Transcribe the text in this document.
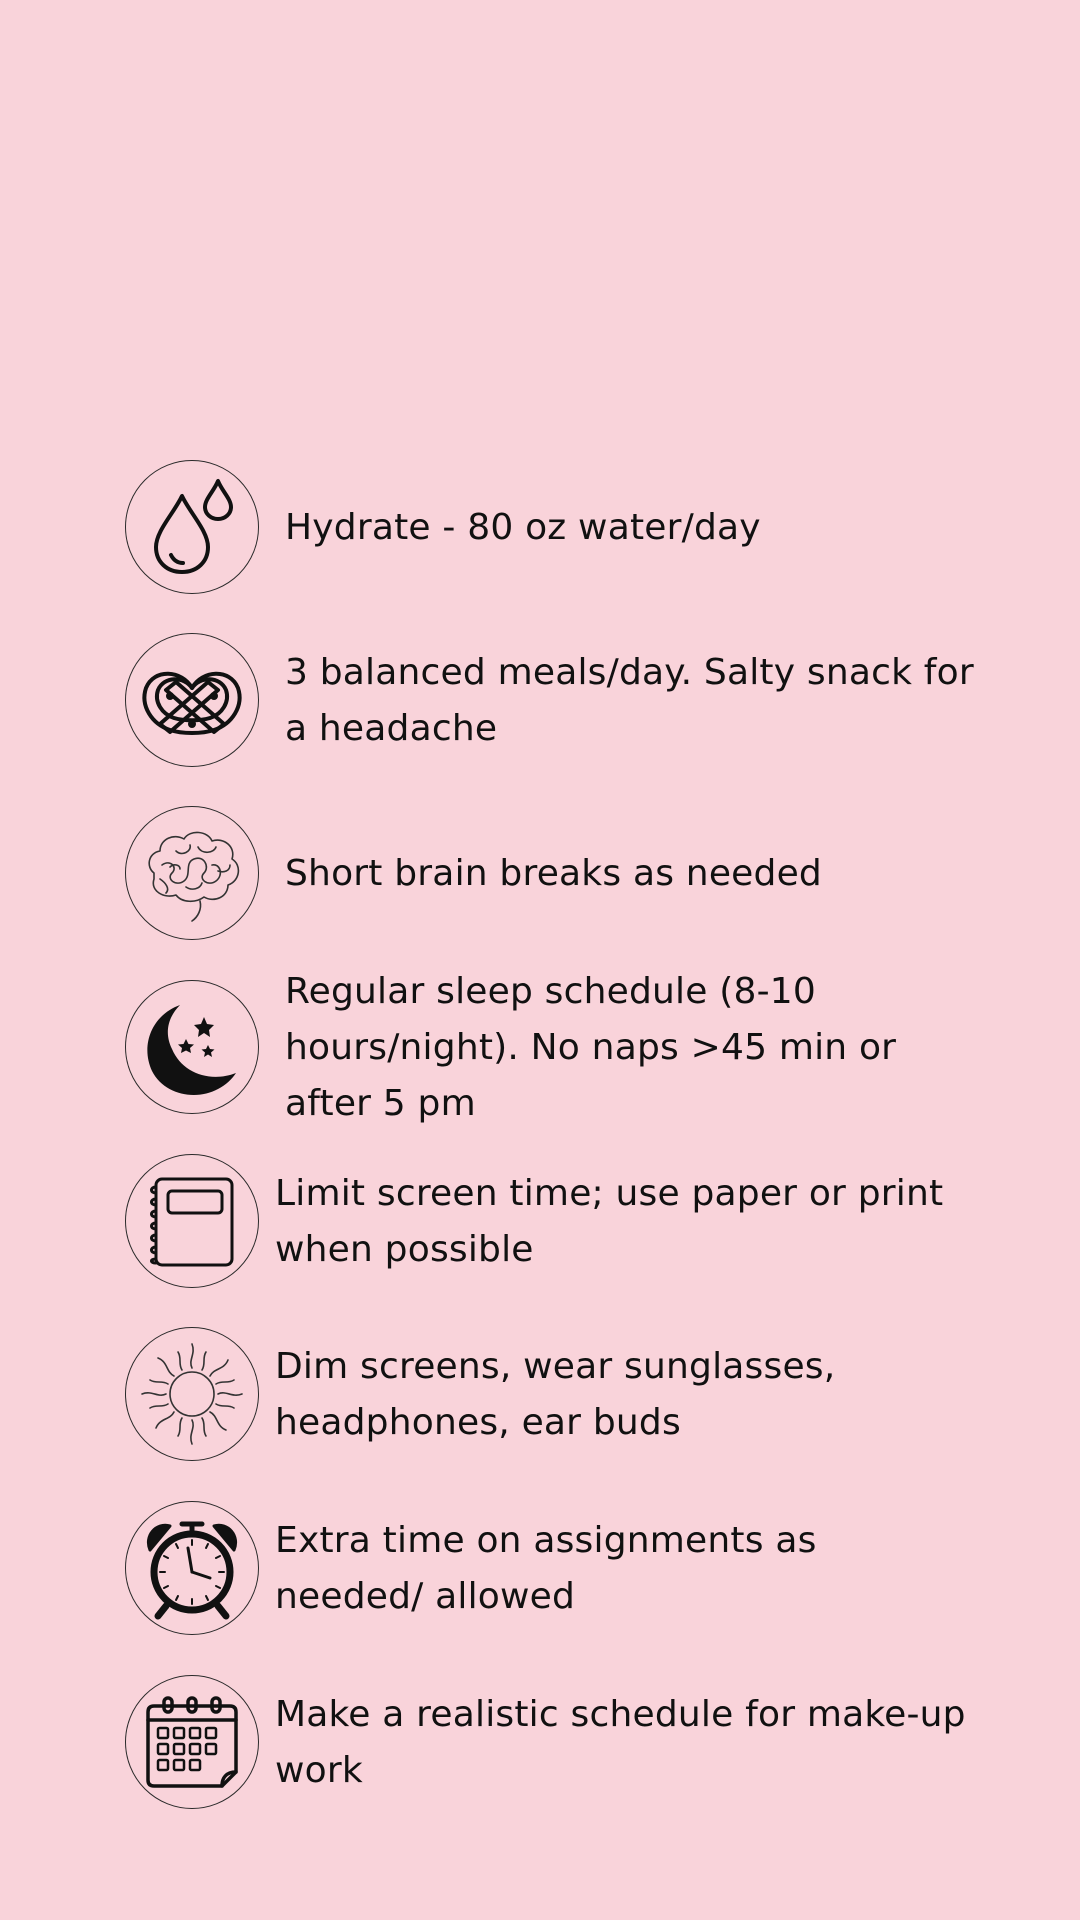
Hydrate - 80 oz water/day
3 balanced meals/day. Salty snack for a headache
Short brain breaks as needed
Regular sleep schedule (8-10 hours/night). No naps >45 min or after 5 pm
Limit screen time; use paper or print when possible
Dim screens, wear sunglasses, headphones, ear buds
Extra time on assignments as needed/ allowed
Make a realistic schedule for make-up work
